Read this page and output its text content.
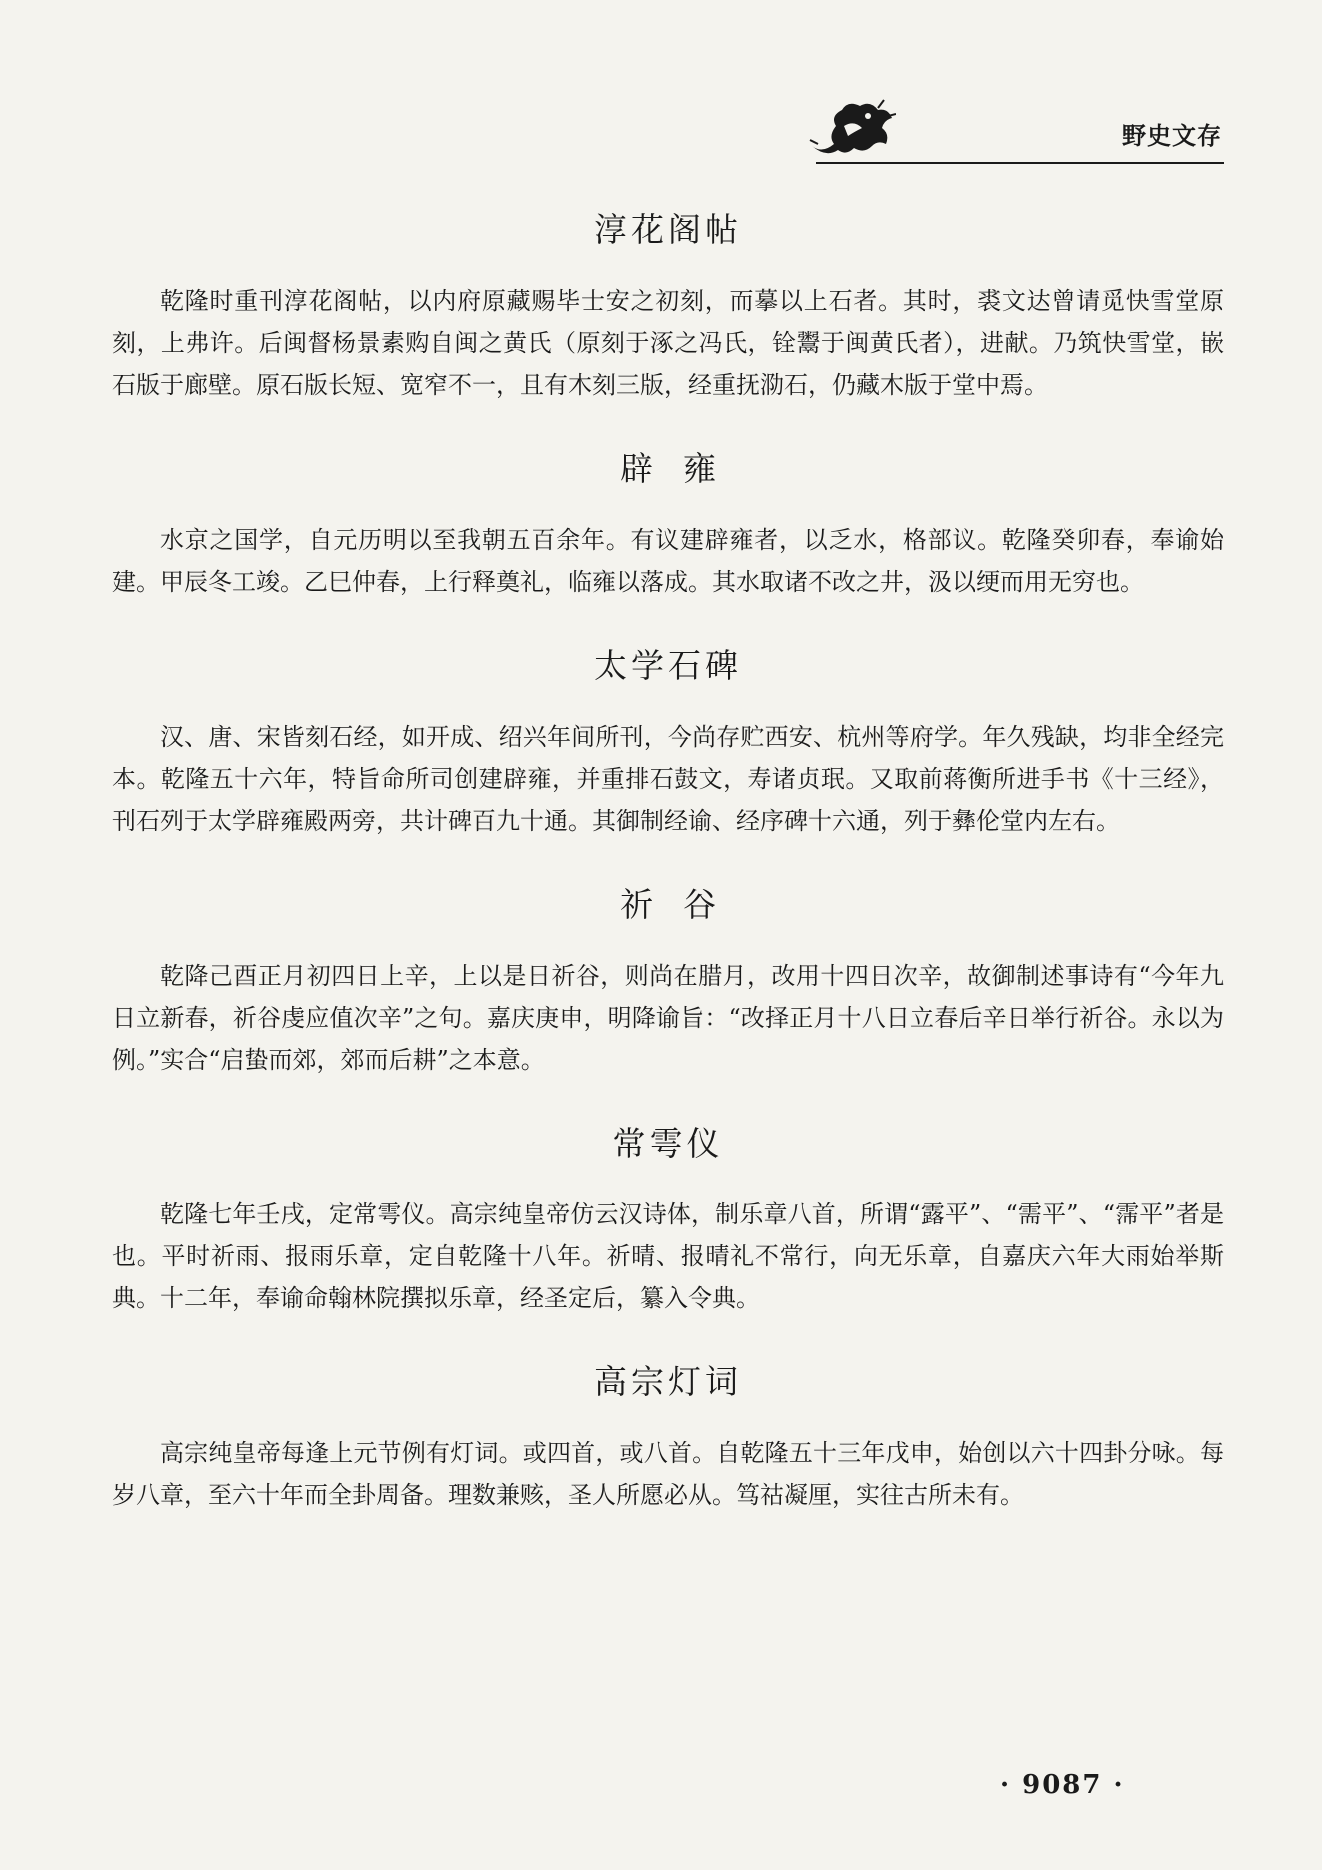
野史文存
淳花阁帖

乾隆时重刊淳花阁帖，以内府原藏赐毕士安之初刻，而摹以上石者。其时，裘文达曾请觅快雪堂原刻，上弗许。后闽督杨景素购自闽之黄氏（原刻于涿之冯氏，铨鬻于闽黄氏者），进献。乃筑快雪堂，嵌石版于廊壁。原石版长短、宽窄不一，且有木刻三版，经重抚泐石，仍藏木版于堂中焉。

辟雍

水京之国学，自元历明以至我朝五百余年。有议建辟雍者，以乏水，格部议。乾隆癸卯春，奉谕始建。甲辰冬工竣。乙巳仲春，上行释奠礼，临雍以落成。其水取诸不改之井，汲以绠而用无穷也。

太学石碑

汉、唐、宋皆刻石经，如开成、绍兴年间所刊，今尚存贮西安、杭州等府学。年久残缺，均非全经完本。乾隆五十六年，特旨命所司创建辟雍，并重排石鼓文，寿诸贞珉。又取前蒋衡所进手书《十三经》，刊石列于太学辟雍殿两旁，共计碑百九十通。其御制经谕、经序碑十六通，列于彝伦堂内左右。

祈谷

乾降己酉正月初四日上辛，上以是日祈谷，则尚在腊月，改用十四日次辛，故御制述事诗有“今年九日立新春，祈谷虔应值次辛”之句。嘉庆庚申，明降谕旨：“改择正月十八日立春后辛日举行祈谷。永以为例。”实合“启蛰而郊，郊而后耕”之本意。

常雩仪

乾隆七年壬戌，定常雩仪。高宗纯皇帝仿云汉诗体，制乐章八首，所谓“露平”、“需平”、“霈平”者是也。平时祈雨、报雨乐章，定自乾隆十八年。祈晴、报晴礼不常行，向无乐章，自嘉庆六年大雨始举斯典。十二年，奉谕命翰林院撰拟乐章，经圣定后，纂入令典。

高宗灯词

高宗纯皇帝每逢上元节例有灯词。或四首，或八首。自乾隆五十三年戊申，始创以六十四卦分咏。每岁八章，至六十年而全卦周备。理数兼赅，圣人所愿必从。笃祜凝厘，实往古所未有。

· 9087 ·
